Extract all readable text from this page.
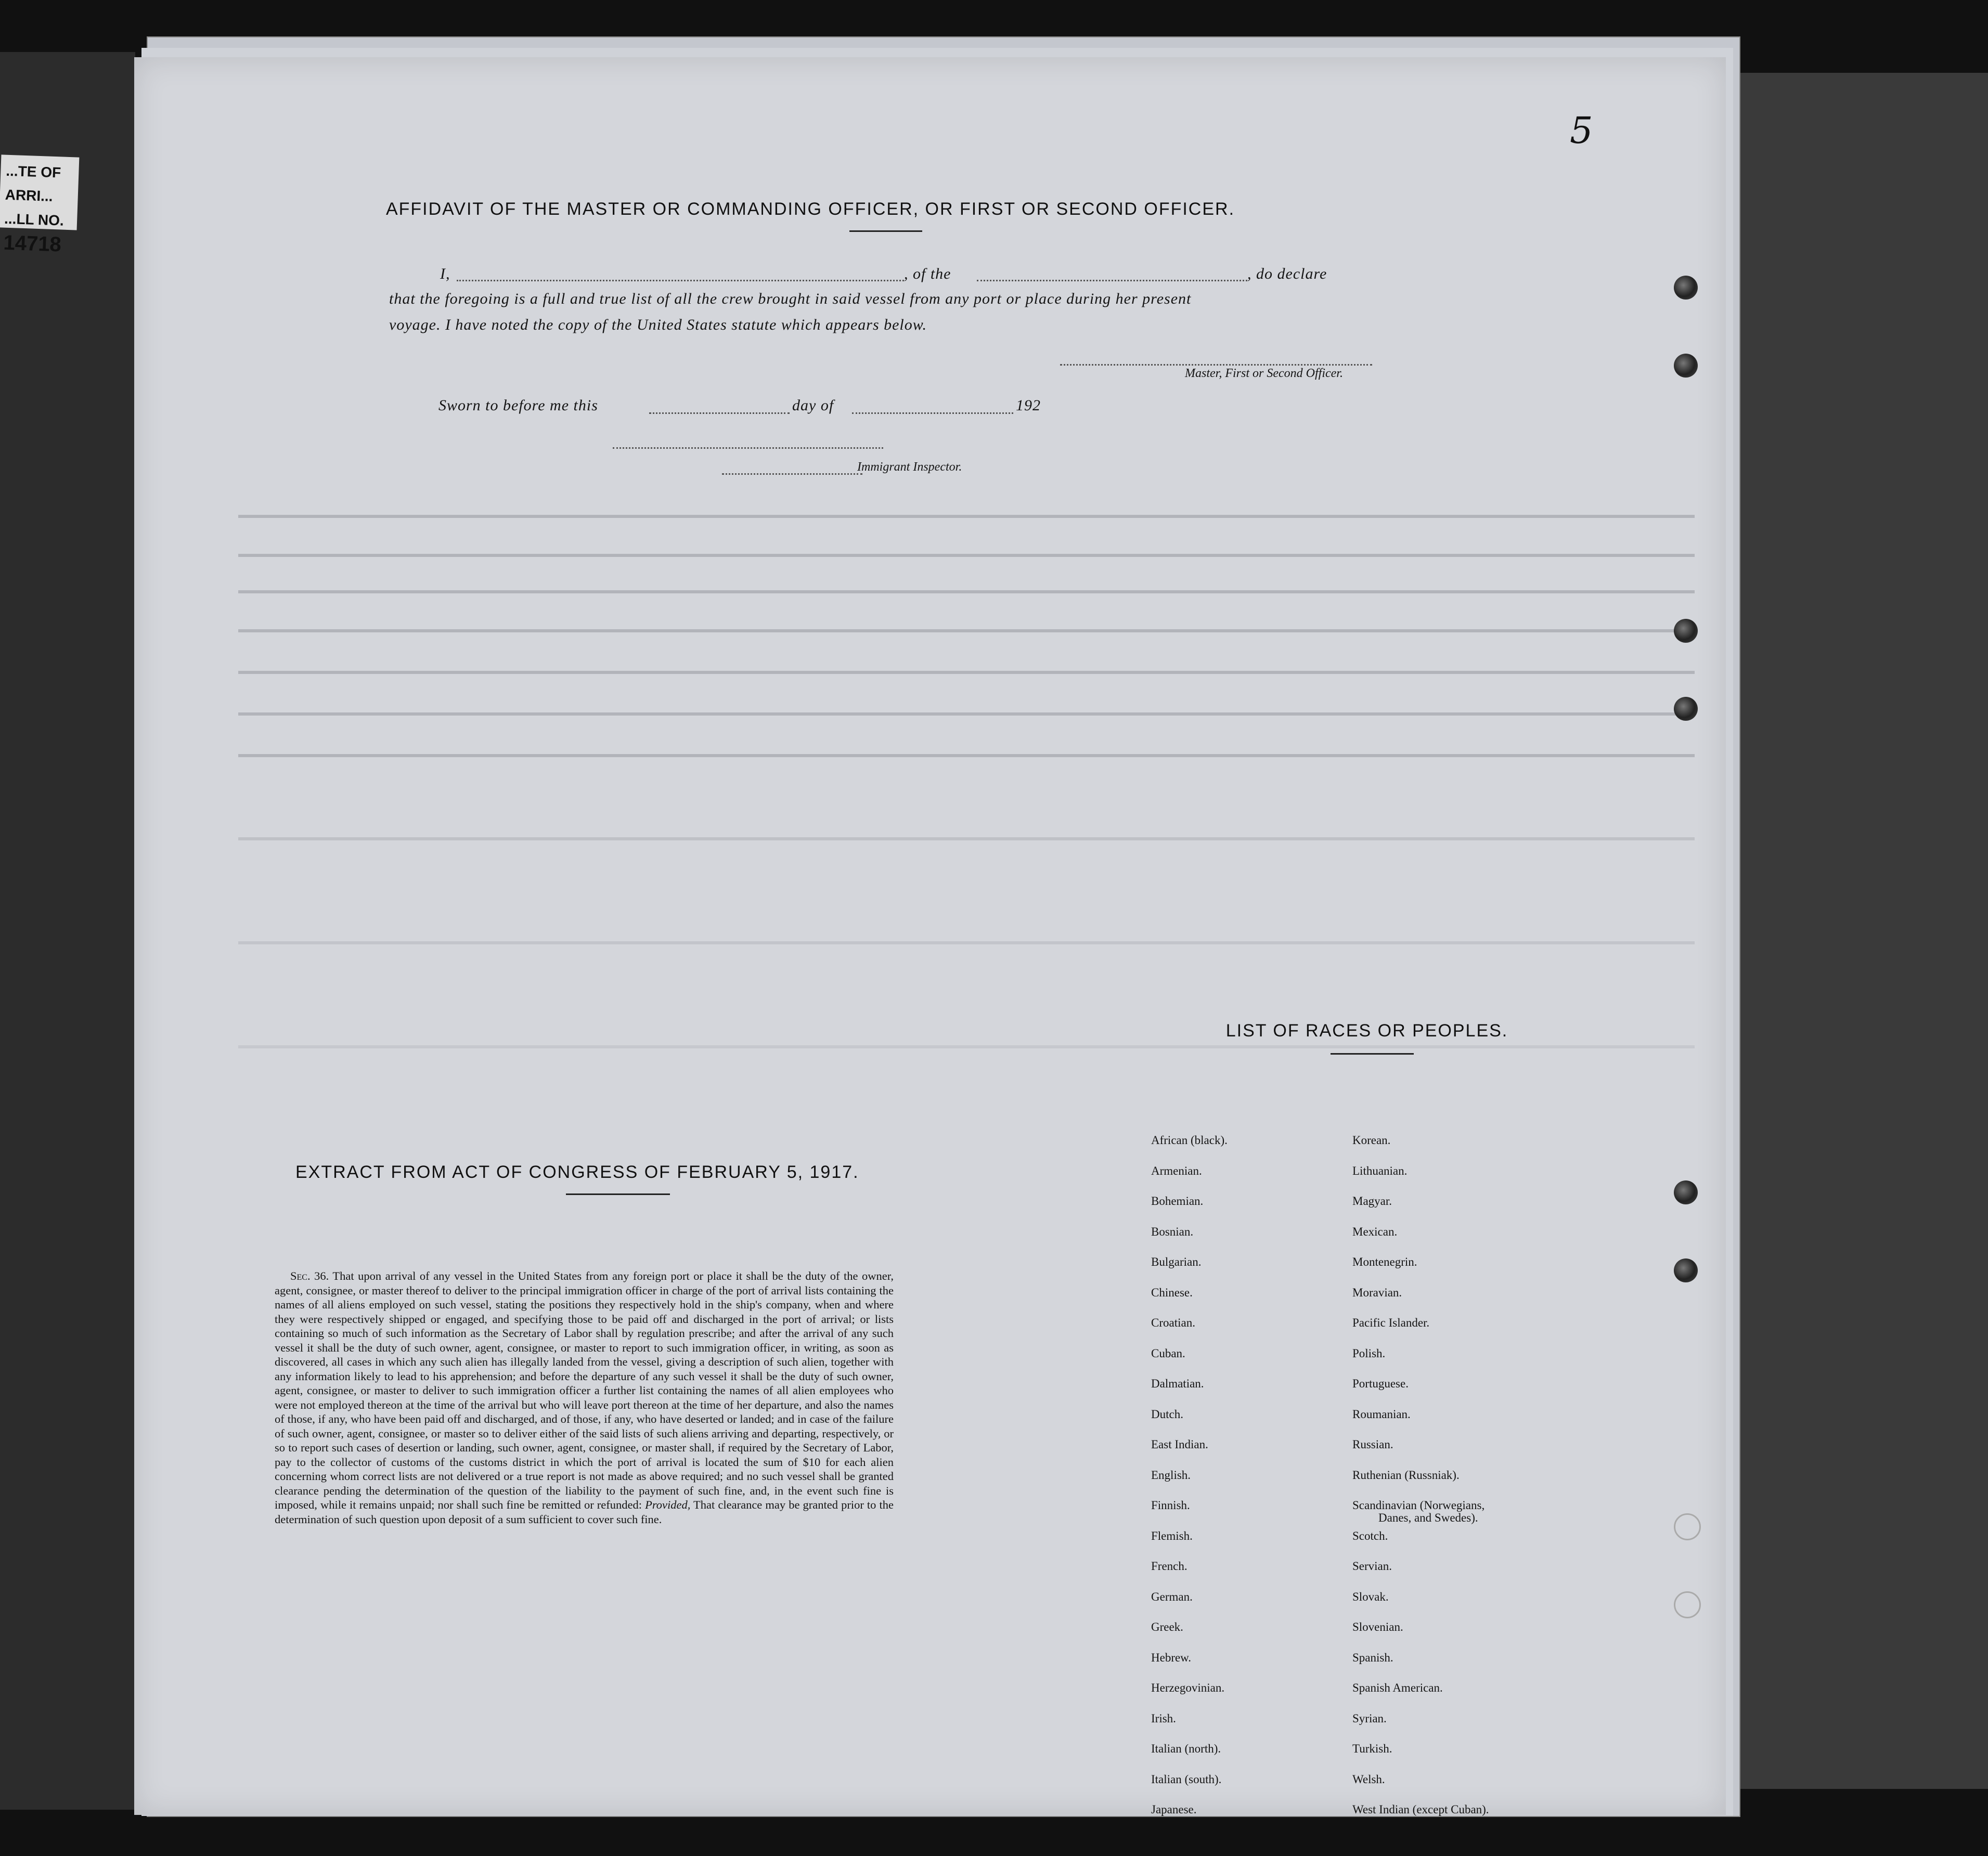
...TE OF ARRI...
...LL NO.
14718
5
AFFIDAVIT OF THE MASTER OR COMMANDING OFFICER, OR FIRST OR SECOND OFFICER.
I,	, of the	, do declare
that the foregoing is a full and true list of all the crew brought in said vessel from any port or place during her present
voyage. I have noted the copy of the United States statute which appears below.
Master, First or Second Officer.
Sworn to before me this	day of	192
Immigrant Inspector.
EXTRACT FROM ACT OF CONGRESS OF FEBRUARY 5, 1917.
Sec. 36. That upon arrival of any vessel in the United States from any foreign port or place it shall be the duty of the owner, agent, consignee, or master thereof to deliver to the principal immigration officer in charge of the port of arrival lists containing the names of all aliens employed on such vessel, stating the positions they respectively hold in the ship's company, when and where they were respectively shipped or engaged, and specifying those to be paid off and discharged in the port of arrival; or lists containing so much of such information as the Secretary of Labor shall by regulation prescribe; and after the arrival of any such vessel it shall be the duty of such owner, agent, consignee, or master to report to such immigration officer, in writing, as soon as discovered, all cases in which any such alien has illegally landed from the vessel, giving a description of such alien, together with any information likely to lead to his apprehension; and before the departure of any such vessel it shall be the duty of such owner, agent, consignee, or master to deliver to such immigration officer a further list containing the names of all alien employees who were not employed thereon at the time of the arrival but who will leave port thereon at the time of her departure, and also the names of those, if any, who have been paid off and discharged, and of those, if any, who have deserted or landed; and in case of the failure of such owner, agent, consignee, or master so to deliver either of the said lists of such aliens arriving and departing, respectively, or so to report such cases of desertion or landing, such owner, agent, consignee, or master shall, if required by the Secretary of Labor, pay to the collector of customs of the customs district in which the port of arrival is located the sum of $10 for each alien concerning whom correct lists are not delivered or a true report is not made as above required; and no such vessel shall be granted clearance pending the determination of the question of the liability to the payment of such fine, and, in the event such fine is imposed, while it remains unpaid; nor shall such fine be remitted or refunded: Provided, That clearance may be granted prior to the determination of such question upon deposit of a sum sufficient to cover such fine.
LIST OF RACES OR PEOPLES.
African (black).
Armenian.
Bohemian.
Bosnian.
Bulgarian.
Chinese.
Croatian.
Cuban.
Dalmatian.
Dutch.
East Indian.
English.
Finnish.
Flemish.
French.
German.
Greek.
Hebrew.
Herzegovinian.
Irish.
Italian (north).
Italian (south).
Japanese.
Korean.
Lithuanian.
Magyar.
Mexican.
Montenegrin.
Moravian.
Pacific Islander.
Polish.
Portuguese.
Roumanian.
Russian.
Ruthenian (Russniak).
Scandinavian (Norwegians,
Danes, and Swedes).
Scotch.
Servian.
Slovak.
Slovenian.
Spanish.
Spanish American.
Syrian.
Turkish.
Welsh.
West Indian (except Cuban).
